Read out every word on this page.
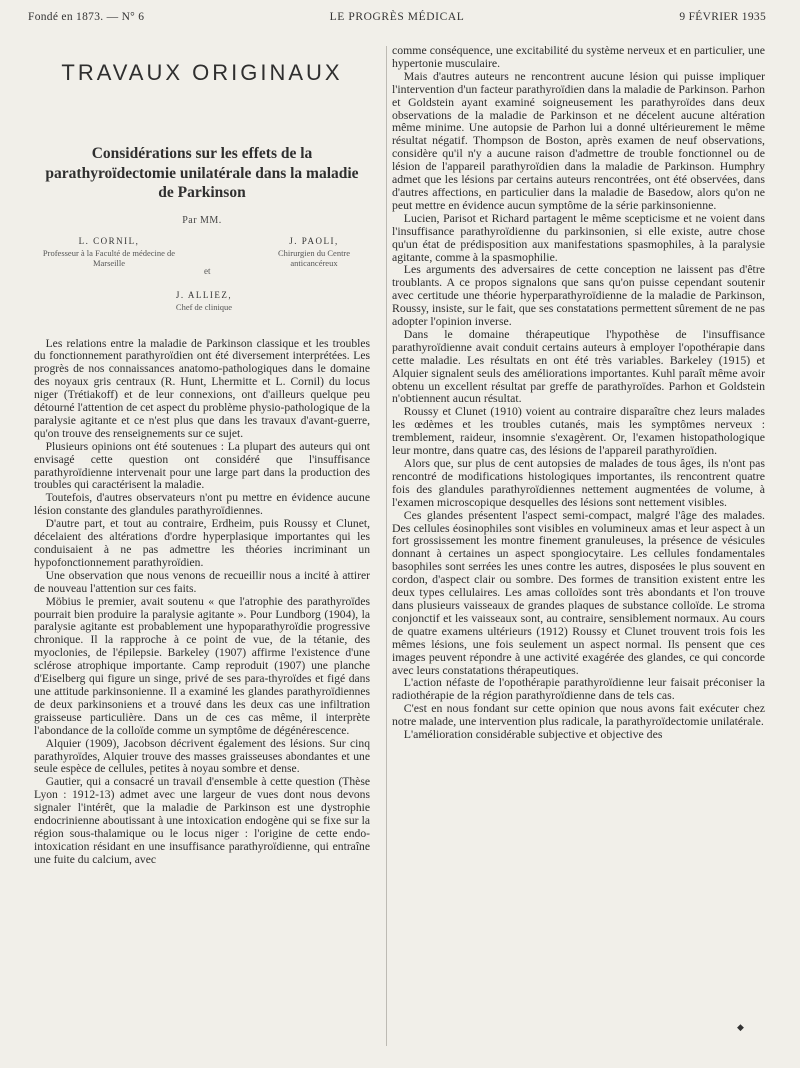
Fondé en 1873. — N° 6	LE PROGRÈS MÉDICAL	9 FÉVRIER 1935
TRAVAUX ORIGINAUX
Considérations sur les effets de la parathyroïdectomie unilatérale dans la maladie de Parkinson
Par MM.
L. CORNIL,
Professeur à la Faculté de médecine de Marseille
et
J. PAOLI,
Chirurgien du Centre anticancéreux
J. ALLIEZ,
Chef de clinique

Les relations entre la maladie de Parkinson classique et les troubles du fonctionnement parathyroïdien ont été diversement interprétées. Les progrès de nos connaissances anatomo-pathologiques dans le domaine des noyaux gris centraux (R. Hunt, Lhermitte et L. Cornil) du locus niger (Trétiakoff) et de leur connexions, ont d'ailleurs quelque peu détourné l'attention de cet aspect du problème physio-pathologique de la paralysie agitante et ce n'est plus que dans les travaux d'avant-guerre, qu'on trouve des renseignements sur ce sujet.

Plusieurs opinions ont été soutenues : La plupart des auteurs qui ont envisagé cette question ont considéré que l'insuffisance parathyroïdienne intervenait pour une large part dans la production des troubles qui caractérisent la maladie.

Toutefois, d'autres observateurs n'ont pu mettre en évidence aucune lésion constante des glandules parathyroïdiennes.

D'autre part, et tout au contraire, Erdheim, puis Roussy et Clunet, décelaient des altérations d'ordre hyperplasique importantes qui les conduisaient à ne pas admettre les théories incriminant un hypofonctionnement parathyroïdien.

Une observation que nous venons de recueillir nous a incité à attirer de nouveau l'attention sur ces faits.

Möbius le premier, avait soutenu « que l'atrophie des parathyroïdes pourrait bien produire la paralysie agitante ». Pour Lundborg (1904), la paralysie agitante est probablement une hypoparathyroïdie progressive chronique. Il la rapproche à ce point de vue, de la tétanie, des myoclonies, de l'épilepsie. Barkeley (1907) affirme l'existence d'une sclérose atrophique importante. Camp reproduit (1907) une planche d'Eiselberg qui figure un singe, privé de ses para-thyroïdes et figé dans une attitude parkinsonienne. Il a examiné les glandes parathyroïdiennes de deux parkinsoniens et a trouvé dans les deux cas une infiltration graisseuse particulière. Dans un de ces cas même, il interprète l'abondance de la colloïde comme un symptôme de dégénérescence.

Alquier (1909), Jacobson décrivent également des lésions. Sur cinq parathyroïdes, Alquier trouve des masses graisseuses abondantes et une seule espèce de cellules, petites à noyau sombre et dense.

Gautier, qui a consacré un travail d'ensemble à cette question (Thèse Lyon : 1912-13) admet avec une largeur de vues dont nous devons signaler l'intérêt, que la maladie de Parkinson est une dystrophie endocrinienne aboutissant à une intoxication endogène qui se fixe sur la région sous-thalamique ou le locus niger : l'origine de cette endo-intoxication résidant en une insuffisance parathyroïdienne, qui entraîne une fuite du calcium, avec

comme conséquence, une excitabilité du système nerveux et en particulier, une hypertonie musculaire.

Mais d'autres auteurs ne rencontrent aucune lésion qui puisse impliquer l'intervention d'un facteur parathyroïdien dans la maladie de Parkinson. Parhon et Goldstein ayant examiné soigneusement les parathyroïdes dans deux observations de la maladie de Parkinson et ne décelent aucune altération même minime. Une autopsie de Parhon lui a donné ultérieurement le même résultat négatif. Thompson de Boston, après examen de neuf observations, considère qu'il n'y a aucune raison d'admettre de trouble fonctionnel ou de lésion de l'appareil parathyroïdien dans la maladie de Parkinson. Humphry admet que les lésions par certains auteurs rencontrées, ont été observées, dans d'autres affections, en particulier dans la maladie de Basedow, alors qu'on ne peut mettre en évidence aucun symptôme de la série parkinsonienne.

Lucien, Parisot et Richard partagent le même scepticisme et ne voient dans l'insuffisance parathyroïdienne du parkinsonien, si elle existe, autre chose qu'un état de prédisposition aux manifestations spasmophiles, à la paralysie agitante, comme à la spasmophilie.

Les arguments des adversaires de cette conception ne laissent pas d'être troublants. A ce propos signalons que sans qu'on puisse cependant soutenir avec certitude une théorie hyperparathyroïdienne de la maladie de Parkinson, Roussy, insiste, sur le fait, que ses constatations permettent sûrement de ne pas adopter l'opinion inverse.

Dans le domaine thérapeutique l'hypothèse de l'insuffisance parathyroïdienne avait conduit certains auteurs à employer l'opothérapie dans cette maladie. Les résultats en ont été très variables. Barkeley (1915) et Alquier signalent seuls des améliorations importantes. Kuhl paraît même avoir obtenu un excellent résultat par greffe de parathyroïdes. Parhon et Goldstein n'obtiennent aucun résultat.

Roussy et Clunet (1910) voient au contraire disparaître chez leurs malades les œdèmes et les troubles cutanés, mais les symptômes nerveux : tremblement, raideur, insomnie s'exagèrent. Or, l'examen histopathologique leur montre, dans quatre cas, des lésions de l'appareil parathyroïdien.

Alors que, sur plus de cent autopsies de malades de tous âges, ils n'ont pas rencontré de modifications histologiques importantes, ils rencontrent quatre fois des glandules parathyroïdiennes nettement augmentées de volume, à l'examen microscopique desquelles des lésions sont nettement visibles.

Ces glandes présentent l'aspect semi-compact, malgré l'âge des malades. Des cellules éosinophiles sont visibles en volumineux amas et leur aspect à un fort grossissement les montre finement granuleuses, la présence de vésicules donnant à certaines un aspect spongiocytaire. Les cellules fondamentales basophiles sont serrées les unes contre les autres, disposées le plus souvent en cordon, d'aspect clair ou sombre. Des formes de transition existent entre les deux types cellulaires. Les amas colloïdes sont très abondants et l'on trouve dans plusieurs vaisseaux de grandes plaques de substance colloïde. Le stroma conjonctif et les vaisseaux sont, au contraire, sensiblement normaux. Au cours de quatre examens ultérieurs (1912) Roussy et Clunet trouvent trois fois les mêmes lésions, une fois seulement un aspect normal. Ils pensent que ces images peuvent répondre à une activité exagérée des glandes, ce qui concorde avec leurs constatations thérapeutiques.

L'action néfaste de l'opothérapie parathyroïdienne leur faisait préconiser la radiothérapie de la région parathyroïdienne dans de tels cas.

C'est en nous fondant sur cette opinion que nous avons fait exécuter chez notre malade, une intervention plus radicale, la parathyroïdectomie unilatérale.

L'amélioration considérable subjective et objective des

◆
